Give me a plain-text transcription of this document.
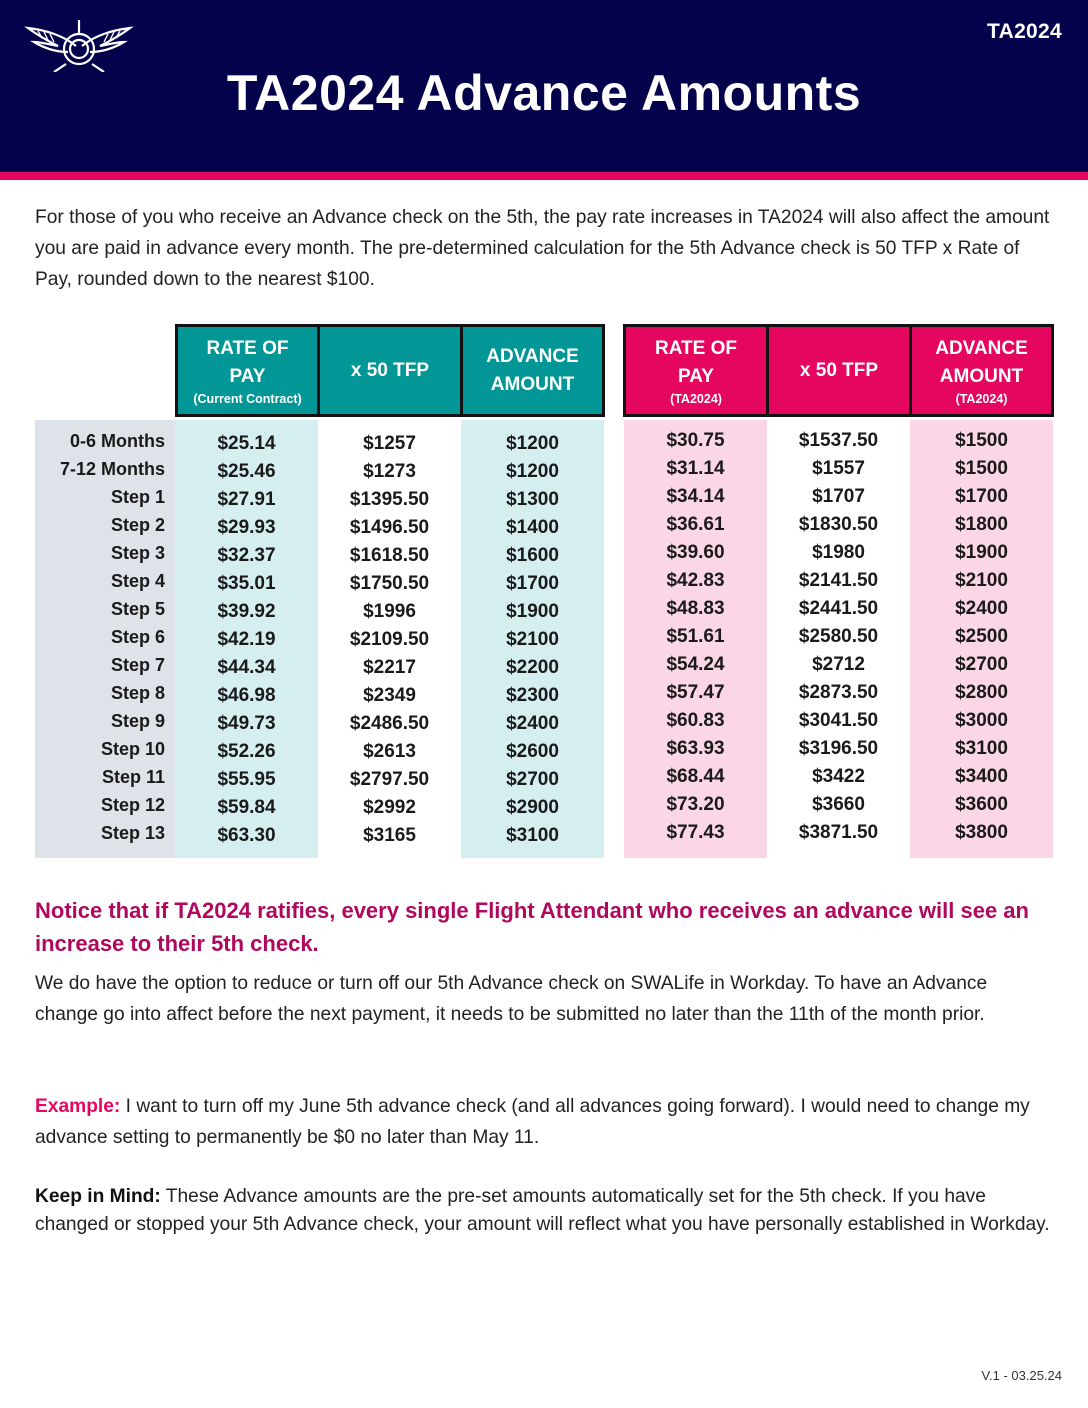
TA2024
TA2024 Advance Amounts
For those of you who receive an Advance check on the 5th, the pay rate increases in TA2024 will also affect the amount you are paid in advance every month. The pre-determined calculation for the 5th Advance check is 50 TFP x Rate of Pay, rounded down to the nearest $100.
RATE OF
PAY
(Current Contract)
x 50 TFP
ADVANCE
AMOUNT
RATE OF
PAY
(TA2024)
x 50 TFP
ADVANCE
AMOUNT
(TA2024)
0-6 Months
7-12 Months
Step 1
Step 2
Step 3
Step 4
Step 5
Step 6
Step 7
Step 8
Step 9
Step 10
Step 11
Step 12
Step 13
$25.14
$25.46
$27.91
$29.93
$32.37
$35.01
$39.92
$42.19
$44.34
$46.98
$49.73
$52.26
$55.95
$59.84
$63.30
$1257
$1273
$1395.50
$1496.50
$1618.50
$1750.50
$1996
$2109.50
$2217
$2349
$2486.50
$2613
$2797.50
$2992
$3165
$1200
$1200
$1300
$1400
$1600
$1700
$1900
$2100
$2200
$2300
$2400
$2600
$2700
$2900
$3100
$30.75
$31.14
$34.14
$36.61
$39.60
$42.83
$48.83
$51.61
$54.24
$57.47
$60.83
$63.93
$68.44
$73.20
$77.43
$1537.50
$1557
$1707
$1830.50
$1980
$2141.50
$2441.50
$2580.50
$2712
$2873.50
$3041.50
$3196.50
$3422
$3660
$3871.50
$1500
$1500
$1700
$1800
$1900
$2100
$2400
$2500
$2700
$2800
$3000
$3100
$3400
$3600
$3800
Notice that if TA2024 ratifies, every single Flight Attendant who receives an advance will see an increase to their 5th check.
We do have the option to reduce or turn off our 5th Advance check on SWALife in Workday. To have an Advance change go into affect before the next payment, it needs to be submitted no later than the 11th of the month prior.
Example: I want to turn off my June 5th advance check (and all advances going forward). I would need to change my advance setting to permanently be $0 no later than May 11.
Keep in Mind: These Advance amounts are the pre-set amounts automatically set for the 5th check. If you have changed or stopped your 5th Advance check, your amount will reflect what you have personally established in Workday.
V.1 - 03.25.24
